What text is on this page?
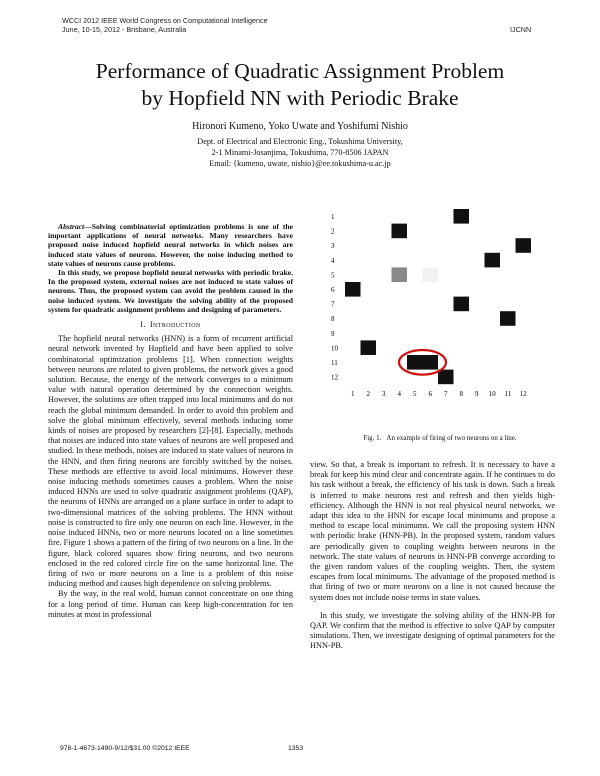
WCCI 2012 IEEE World Congress on Computational Intelligence
June, 10-15, 2012 - Brisbane, Australia	IJCNN
Performance of Quadratic Assignment Problem
by Hopfield NN with Periodic Brake
Hironori Kumeno, Yoko Uwate and Yoshifumi Nishio
Dept. of Electrical and Electronic Eng., Tokushima University,
2-1 Minami-Josanjima, Tokushima, 770-8506 JAPAN
Email: {kumeno, uwate, nishio}@ee.tokushima-u.ac.jp

Abstract—Solving combinatorial optimization problems is one of the important applications of neural networks. Many researchers have proposed noise induced hopfield neural networks in which noises are induced state values of neurons. However, the noise inducing method to state values of neurons cause problems.

In this study, we propose hopfield neural networks with periodic brake. In the proposed system, external noises are not induced to state values of neurons. Thus, the proposed system can avoid the problem caused in the noise induced system. We investigate the solving ability of the proposed system for quadratic assignment problems and designing of parameters.

I. Introduction

The hopfield neural networks (HNN) is a form of recurrent artificial neural network invented by Hopfield and have been applied to solve combinatorial optimization problems [1]. When connection weights between neurons are related to given problems, the network gives a good solution. Because, the energy of the network converges to a minimum value with natural operation determined by the connection weights. However, the solutions are often trapped into local minimums and do not reach the global minimum demanded. In order to avoid this problem and solve the global minimum effectively, several methods inducing some kinds of noises are proposed by researchers [2]-[8]. Especially, methods that noises are induced into state values of neurons are well proposed and studied. In these methods, noises are induced to state values of neurons in the HNN, and then firing neurons are forcibly switched by the noises. These methods are effective to avoid local minimums. However these noise inducing methods sometimes causes a problem. When the noise induced HNNs are used to solve quadratic assignment problems (QAP), the neurons of HNNs are arranged on a plane surface in order to adapt to two-dimensional matrices of the solving problems. The HNN without noise is constructed to fire only one neuron on each line. However, in the noise induced HNNs, two or more neurons located on a line sometimes fire. Figure 1 shows a pattern of the firing of two neurons on a line. In the figure, black colored squares show firing neurons, and two neurons enclosed in the red colored circle fire on the same horizontal line. The firing of two or more neurons on a line is a problem of this noise inducing method and causes high dependence on solving problems.

By the way, in the real wold, human cannot concentrate on one thing for a long period of time. Human can keep high-concentration for ten minutes at most in professional

1
2
3
4
5
6
7
8
9
10
11
12
1 2 3 4 5 6 7 8 9 10 11 12
Fig. 1. An example of firing of two neurons on a line.

view. So that, a break is important to refresh. It is necessary to have a break for keep his mind clear and concentrate again. If he continues to do his task without a break, the efficiency of his task is down. Such a break is inferred to make neurons rest and refresh and then yields high-efficiency. Although the HNN is not real physical neural networks, we adapt this idea to the HNN for escape local minimums and propose a method to escape local minimums. We call the proposing system HNN with periodic brake (HNN-PB). In the proposed system, random values are periodically given to coupling weights between neurons in the network. The state values of neurons in HNN-PB converge according to the given random values of the coupling weights. Then, the system escapes from local minimums. The advantage of the proposed method is that firing of two or more neurons on a line is not caused because the system does not include noise terms in state values.

In this study, we investigate the solving ability of the HNN-PB for QAP. We confirm that the method is effective to solve QAP by computer simulations. Then, we investigate designing of optimal parameters for the HNN-PB.

978-1-4673-1490-9/12/$31.00 ©2012 IEEE	1353
